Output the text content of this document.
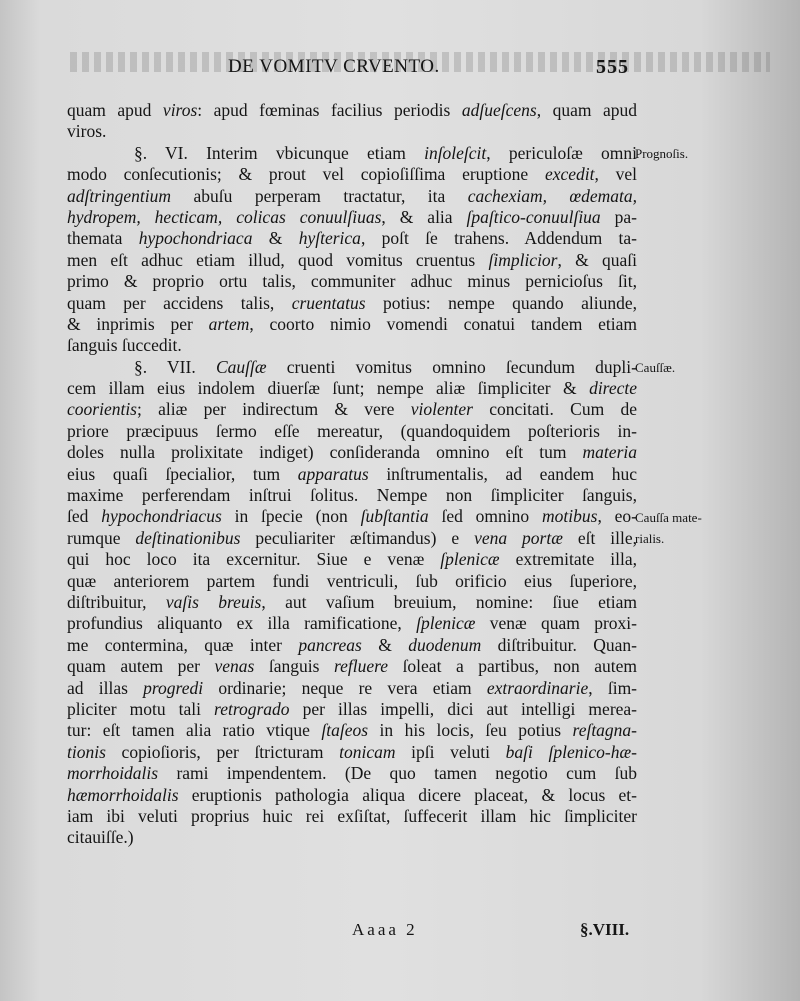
DE VOMITV CRVENTO.	555
quam apud viros: apud fœminas facilius periodis adſueſcens, quam apud
viros.
§. VI. Interim vbicunque etiam inſoleſcit, periculoſæ omni
modo conſecutionis; & prout vel copioſiſſima eruptione excedit, vel
adſtringentium abuſu perperam tractatur, ita cachexiam, œdemata,
hydropem, hecticam, colicas conuulſiuas, & alia ſpaſtico-conuulſiua pa-
themata hypochondriaca & hyſterica, poſt ſe trahens. Addendum ta-
men eſt adhuc etiam illud, quod vomitus cruentus ſimplicior, & quaſi
primo & proprio ortu talis, communiter adhuc minus pernicioſus ſit,
quam per accidens talis, cruentatus potius: nempe quando aliunde,
& inprimis per artem, coorto nimio vomendi conatui tandem etiam
ſanguis ſuccedit.
§. VII. Cauſſæ cruenti vomitus omnino ſecundum dupli-
cem illam eius indolem diuerſæ ſunt; nempe aliæ ſimpliciter & directe
coorientis; aliæ per indirectum & vere violenter concitati. Cum de
priore præcipuus ſermo eſſe mereatur, (quandoquidem poſterioris in-
doles nulla prolixitate indiget) conſideranda omnino eſt tum materia
eius quaſi ſpecialior, tum apparatus inſtrumentalis, ad eandem huc
maxime perferendam inſtrui ſolitus. Nempe non ſimpliciter ſanguis,
ſed hypochondriacus in ſpecie (non ſubſtantia ſed omnino motibus, eo-
rumque deſtinationibus peculiariter æſtimandus) e vena portæ eſt ille,
qui hoc loco ita excernitur. Siue e venæ ſplenicæ extremitate illa,
quæ anteriorem partem fundi ventriculi, ſub orificio eius ſuperiore,
diſtribuitur, vaſis breuis, aut vaſium breuium, nomine: ſiue etiam
profundius aliquanto ex illa ramificatione, ſplenicæ venæ quam proxi-
me contermina, quæ inter pancreas & duodenum diſtribuitur. Quan-
quam autem per venas ſanguis refluere ſoleat a partibus, non autem
ad illas progredi ordinarie; neque re vera etiam extraordinarie, ſim-
pliciter motu tali retrogrado per illas impelli, dici aut intelligi merea-
tur: eſt tamen alia ratio vtique ſtaſeos in his locis, ſeu potius reſtagna-
tionis copioſioris, per ſtricturam tonicam ipſi veluti baſi ſplenico-hæ-
morrhoidalis rami impendentem. (De quo tamen negotio cum ſub
hæmorrhoidalis eruptionis pathologia aliqua dicere placeat, & locus et-
iam ibi veluti proprius huic rei exſiſtat, ſuffecerit illam hic ſimpliciter
citauiſſe.)
Prognoſis.
Cauſſæ.
Cauſſa mate-
rialis.
Aaaa 2	§.VIII.
